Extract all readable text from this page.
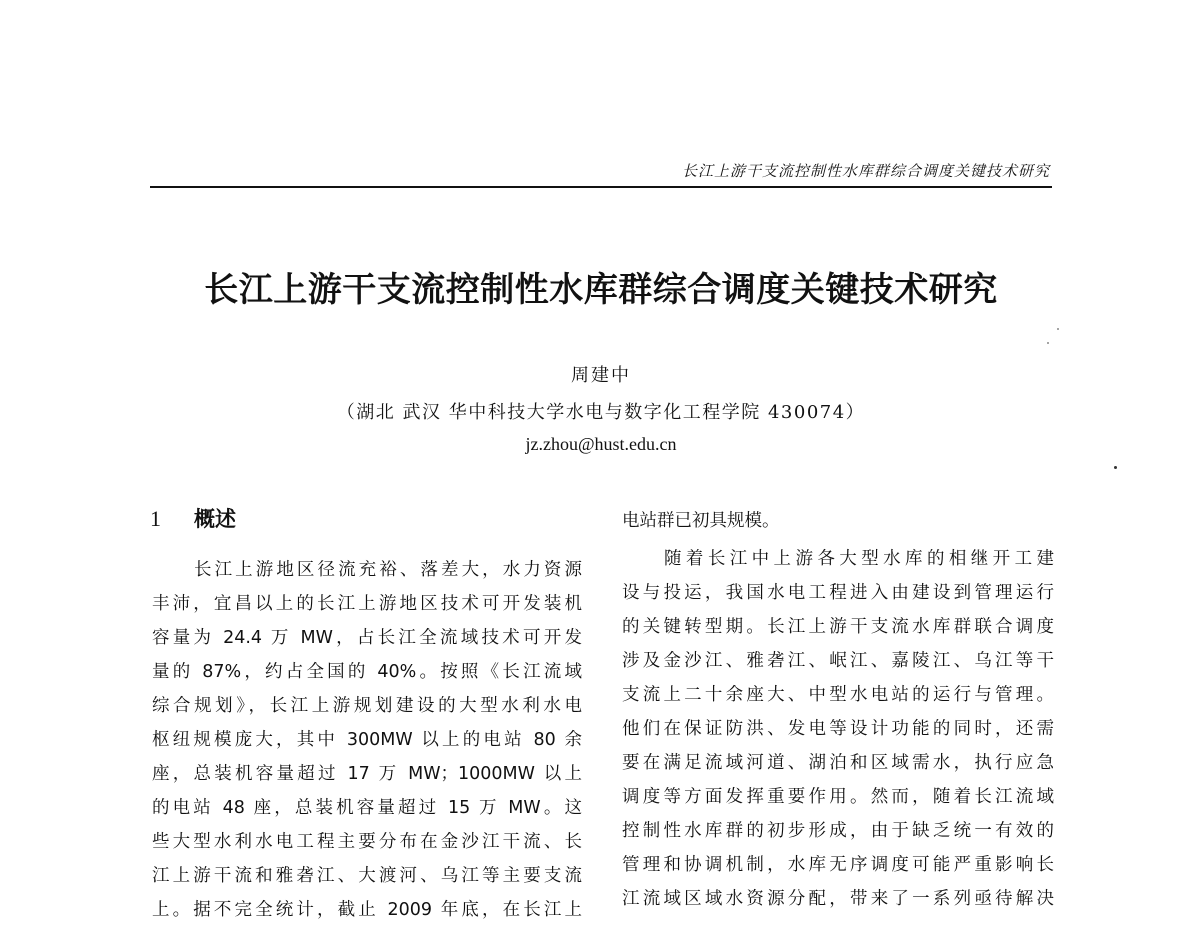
长江上游干支流控制性水库群综合调度关键技术研究
长江上游干支流控制性水库群综合调度关键技术研究
周建中
（湖北 武汉 华中科技大学水电与数字化工程学院 430074）
jz.zhou@hust.edu.cn
1 概述
长江上游地区径流充裕、落差大，水力资源
丰沛，宜昌以上的长江上游地区技术可开发装机
容量为 24.4 万 MW，占长江全流域技术可开发
量的 87%，约占全国的 40%。按照《长江流域
综合规划》，长江上游规划建设的大型水利水电
枢纽规模庞大，其中 300MW 以上的电站 80 余
座，总装机容量超过 17 万 MW；1000MW 以上
的电站 48 座，总装机容量超过 15 万 MW。这
些大型水利水电工程主要分布在金沙江干流、长
江上游干流和雅砻江、大渡河、乌江等主要支流
上。据不完全统计，截止 2009 年底，在长江上
电站群已初具规模。
随着长江中上游各大型水库的相继开工建
设与投运，我国水电工程进入由建设到管理运行
的关键转型期。长江上游干支流水库群联合调度
涉及金沙江、雅砻江、岷江、嘉陵江、乌江等干
支流上二十余座大、中型水电站的运行与管理。
他们在保证防洪、发电等设计功能的同时，还需
要在满足流域河道、湖泊和区域需水，执行应急
调度等方面发挥重要作用。然而，随着长江流域
控制性水库群的初步形成，由于缺乏统一有效的
管理和协调机制，水库无序调度可能严重影响长
江流域区域水资源分配，带来了一系列亟待解决
